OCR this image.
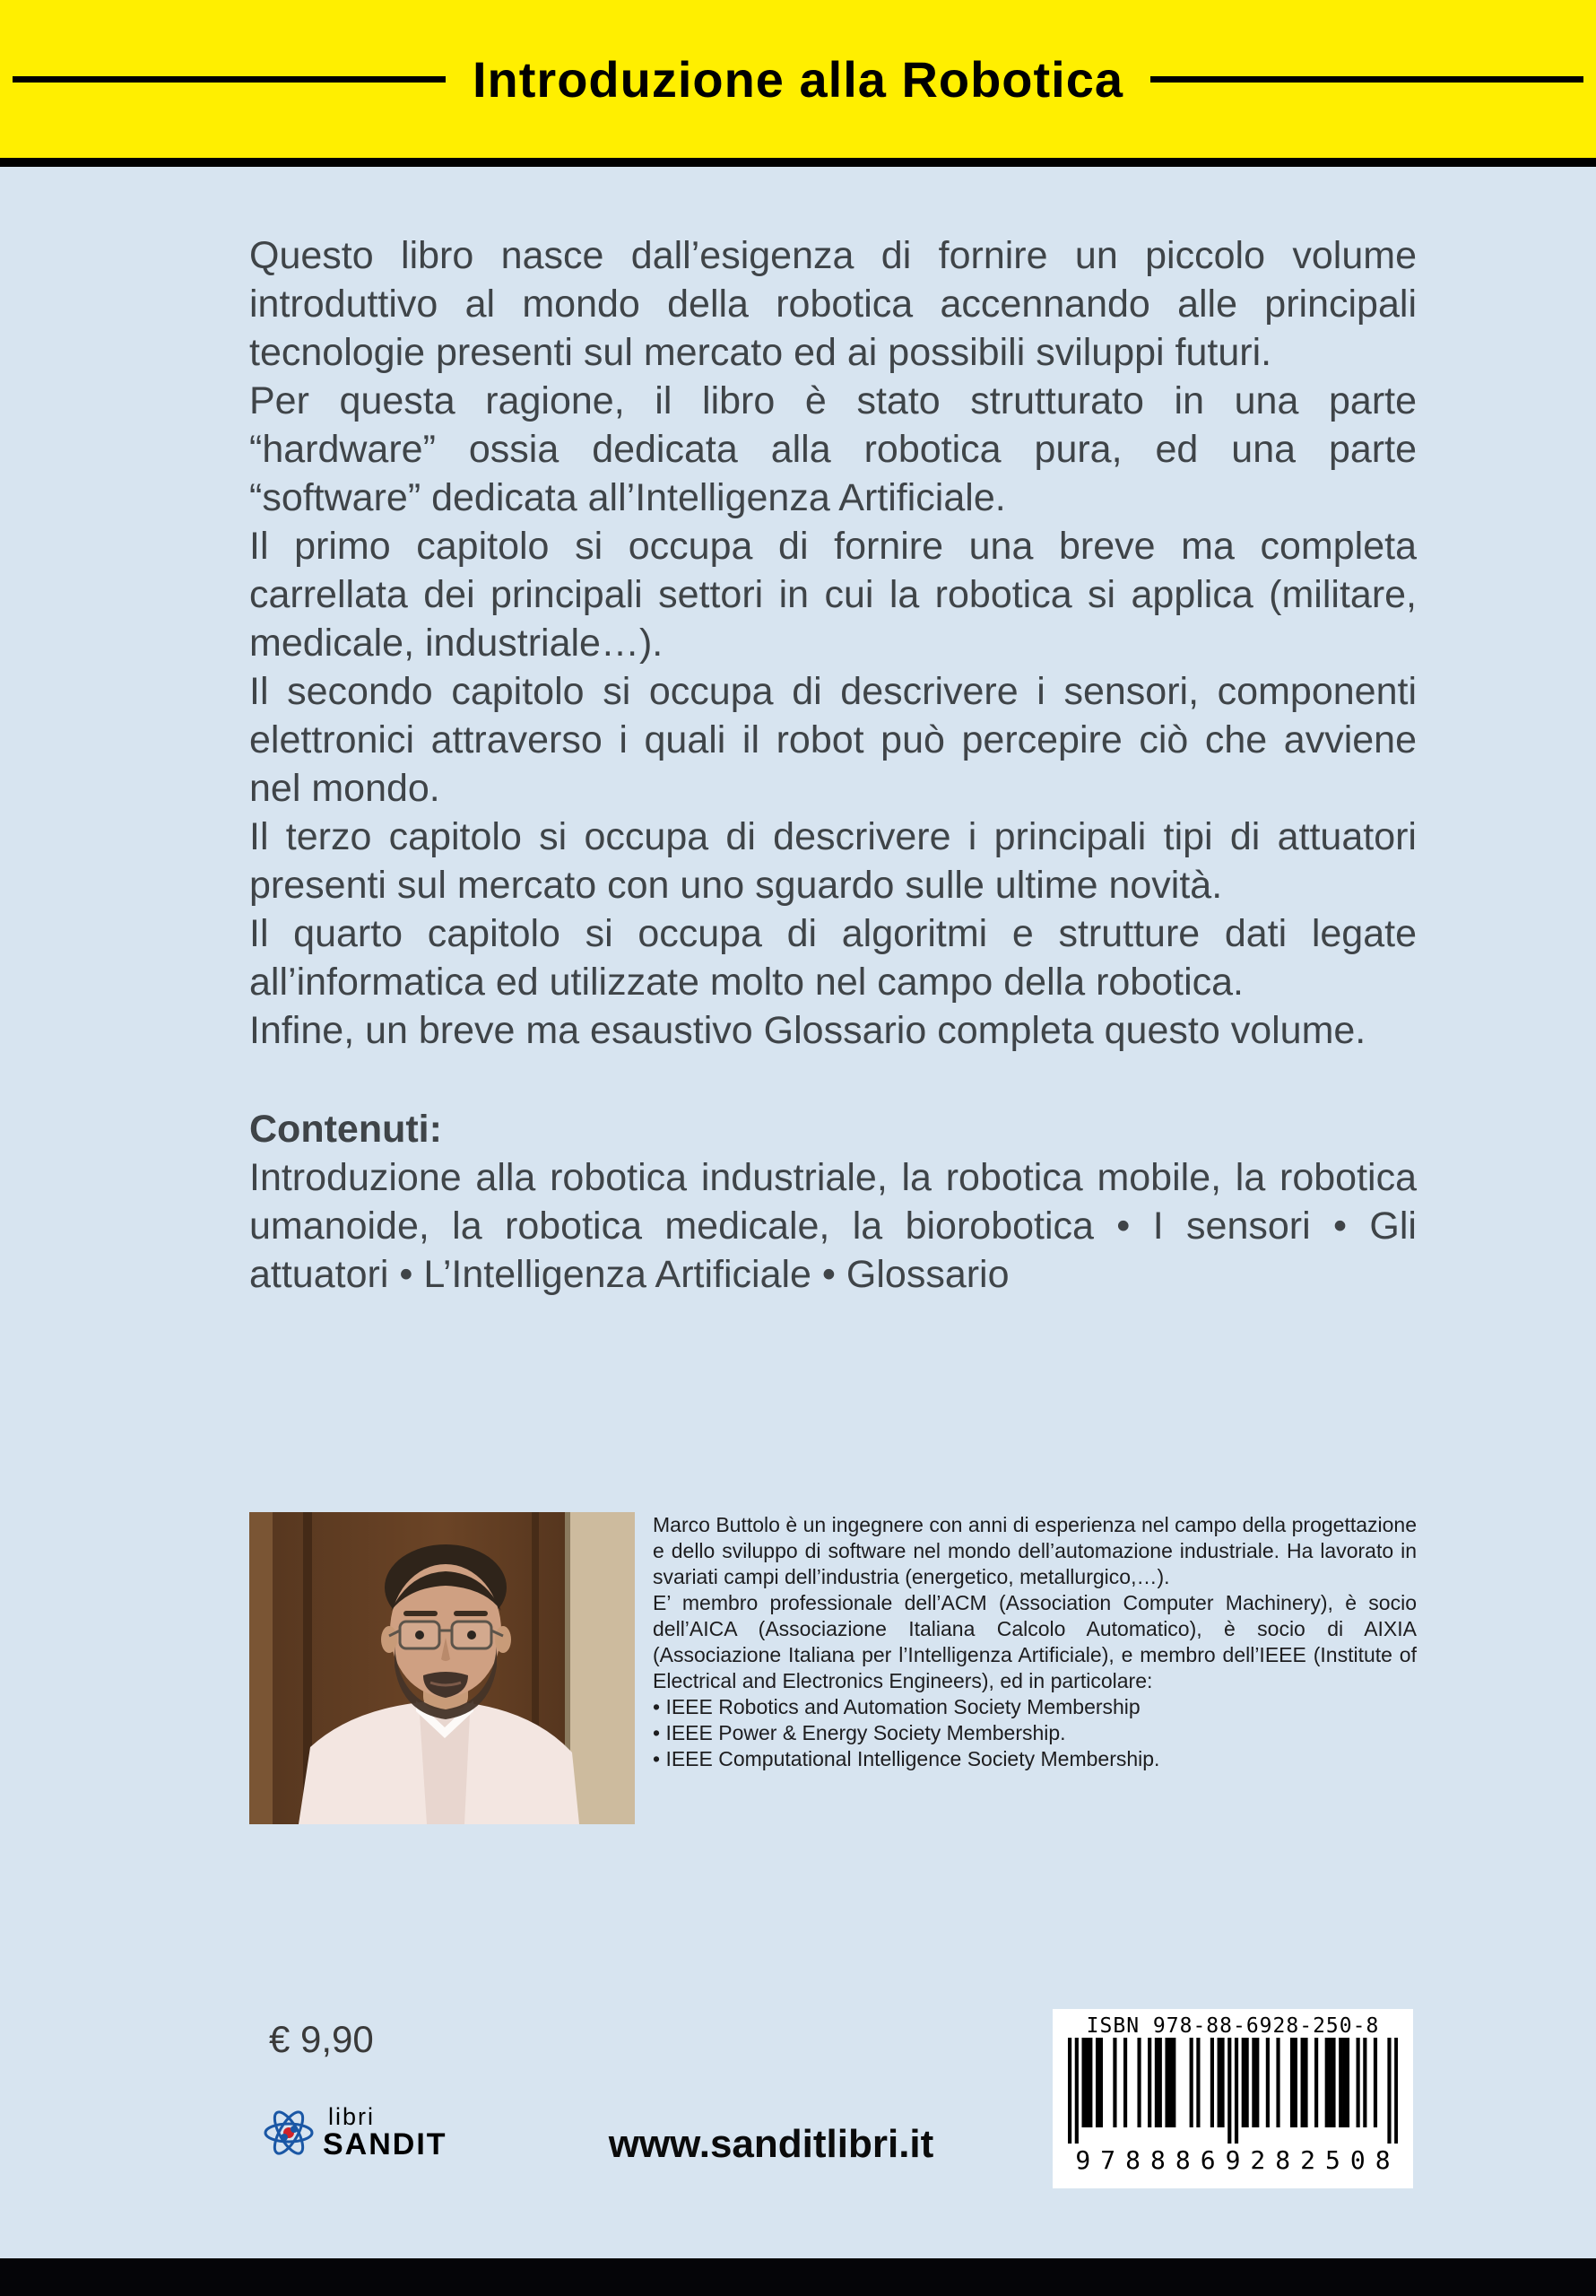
Introduzione alla Robotica

Questo libro nasce dall’esigenza di fornire un piccolo volume introduttivo al mondo della robotica accennando alle principali tecnologie presenti sul mercato ed ai possibili sviluppi futuri.

Per questa ragione, il libro è stato strutturato in una parte “hardware” ossia dedicata alla robotica pura, ed una parte “software” dedicata all’Intelligenza Artificiale.

Il primo capitolo si occupa di fornire una breve ma completa carrellata dei principali settori in cui la robotica si applica (militare, medicale, industriale…).

Il secondo capitolo si occupa di descrivere i sensori, componenti elettronici attraverso i quali il robot può percepire ciò che avviene nel mondo.

Il terzo capitolo si occupa di descrivere i principali tipi di attuatori presenti sul mercato con uno sguardo sulle ultime novità.

Il quarto capitolo si occupa di algoritmi e strutture dati legate all’informatica ed utilizzate molto nel campo della robotica.

Infine, un breve ma esaustivo Glossario completa questo volume.

Contenuti:

Introduzione alla robotica industriale, la robotica mobile, la robotica umanoide, la robotica medicale, la biorobotica • I sensori • Gli attuatori • L’Intelligenza Artificiale • Glossario

Marco Buttolo è un ingegnere con anni di esperienza nel campo della progettazione e dello sviluppo di software nel mondo dell’automazione industriale. Ha lavorato in svariati campi dell’industria (energetico, metallurgico,…).

E’ membro professionale dell’ACM (Association Computer Machinery), è socio dell’AICA (Associazione Italiana Calcolo Automatico), è socio di AIXIA (Associazione Italiana per l’Intelligenza Artificiale), e membro dell’IEEE (Institute of Electrical and Electronics Engineers), ed in particolare:

• IEEE Robotics and Automation Society Membership
• IEEE Power & Energy Society Membership.
• IEEE Computational Intelligence Society Membership.
€ 9,90
libri
SANDIT	www.sanditlibri.it
ISBN 978-88-6928-250-8
9788869282508
